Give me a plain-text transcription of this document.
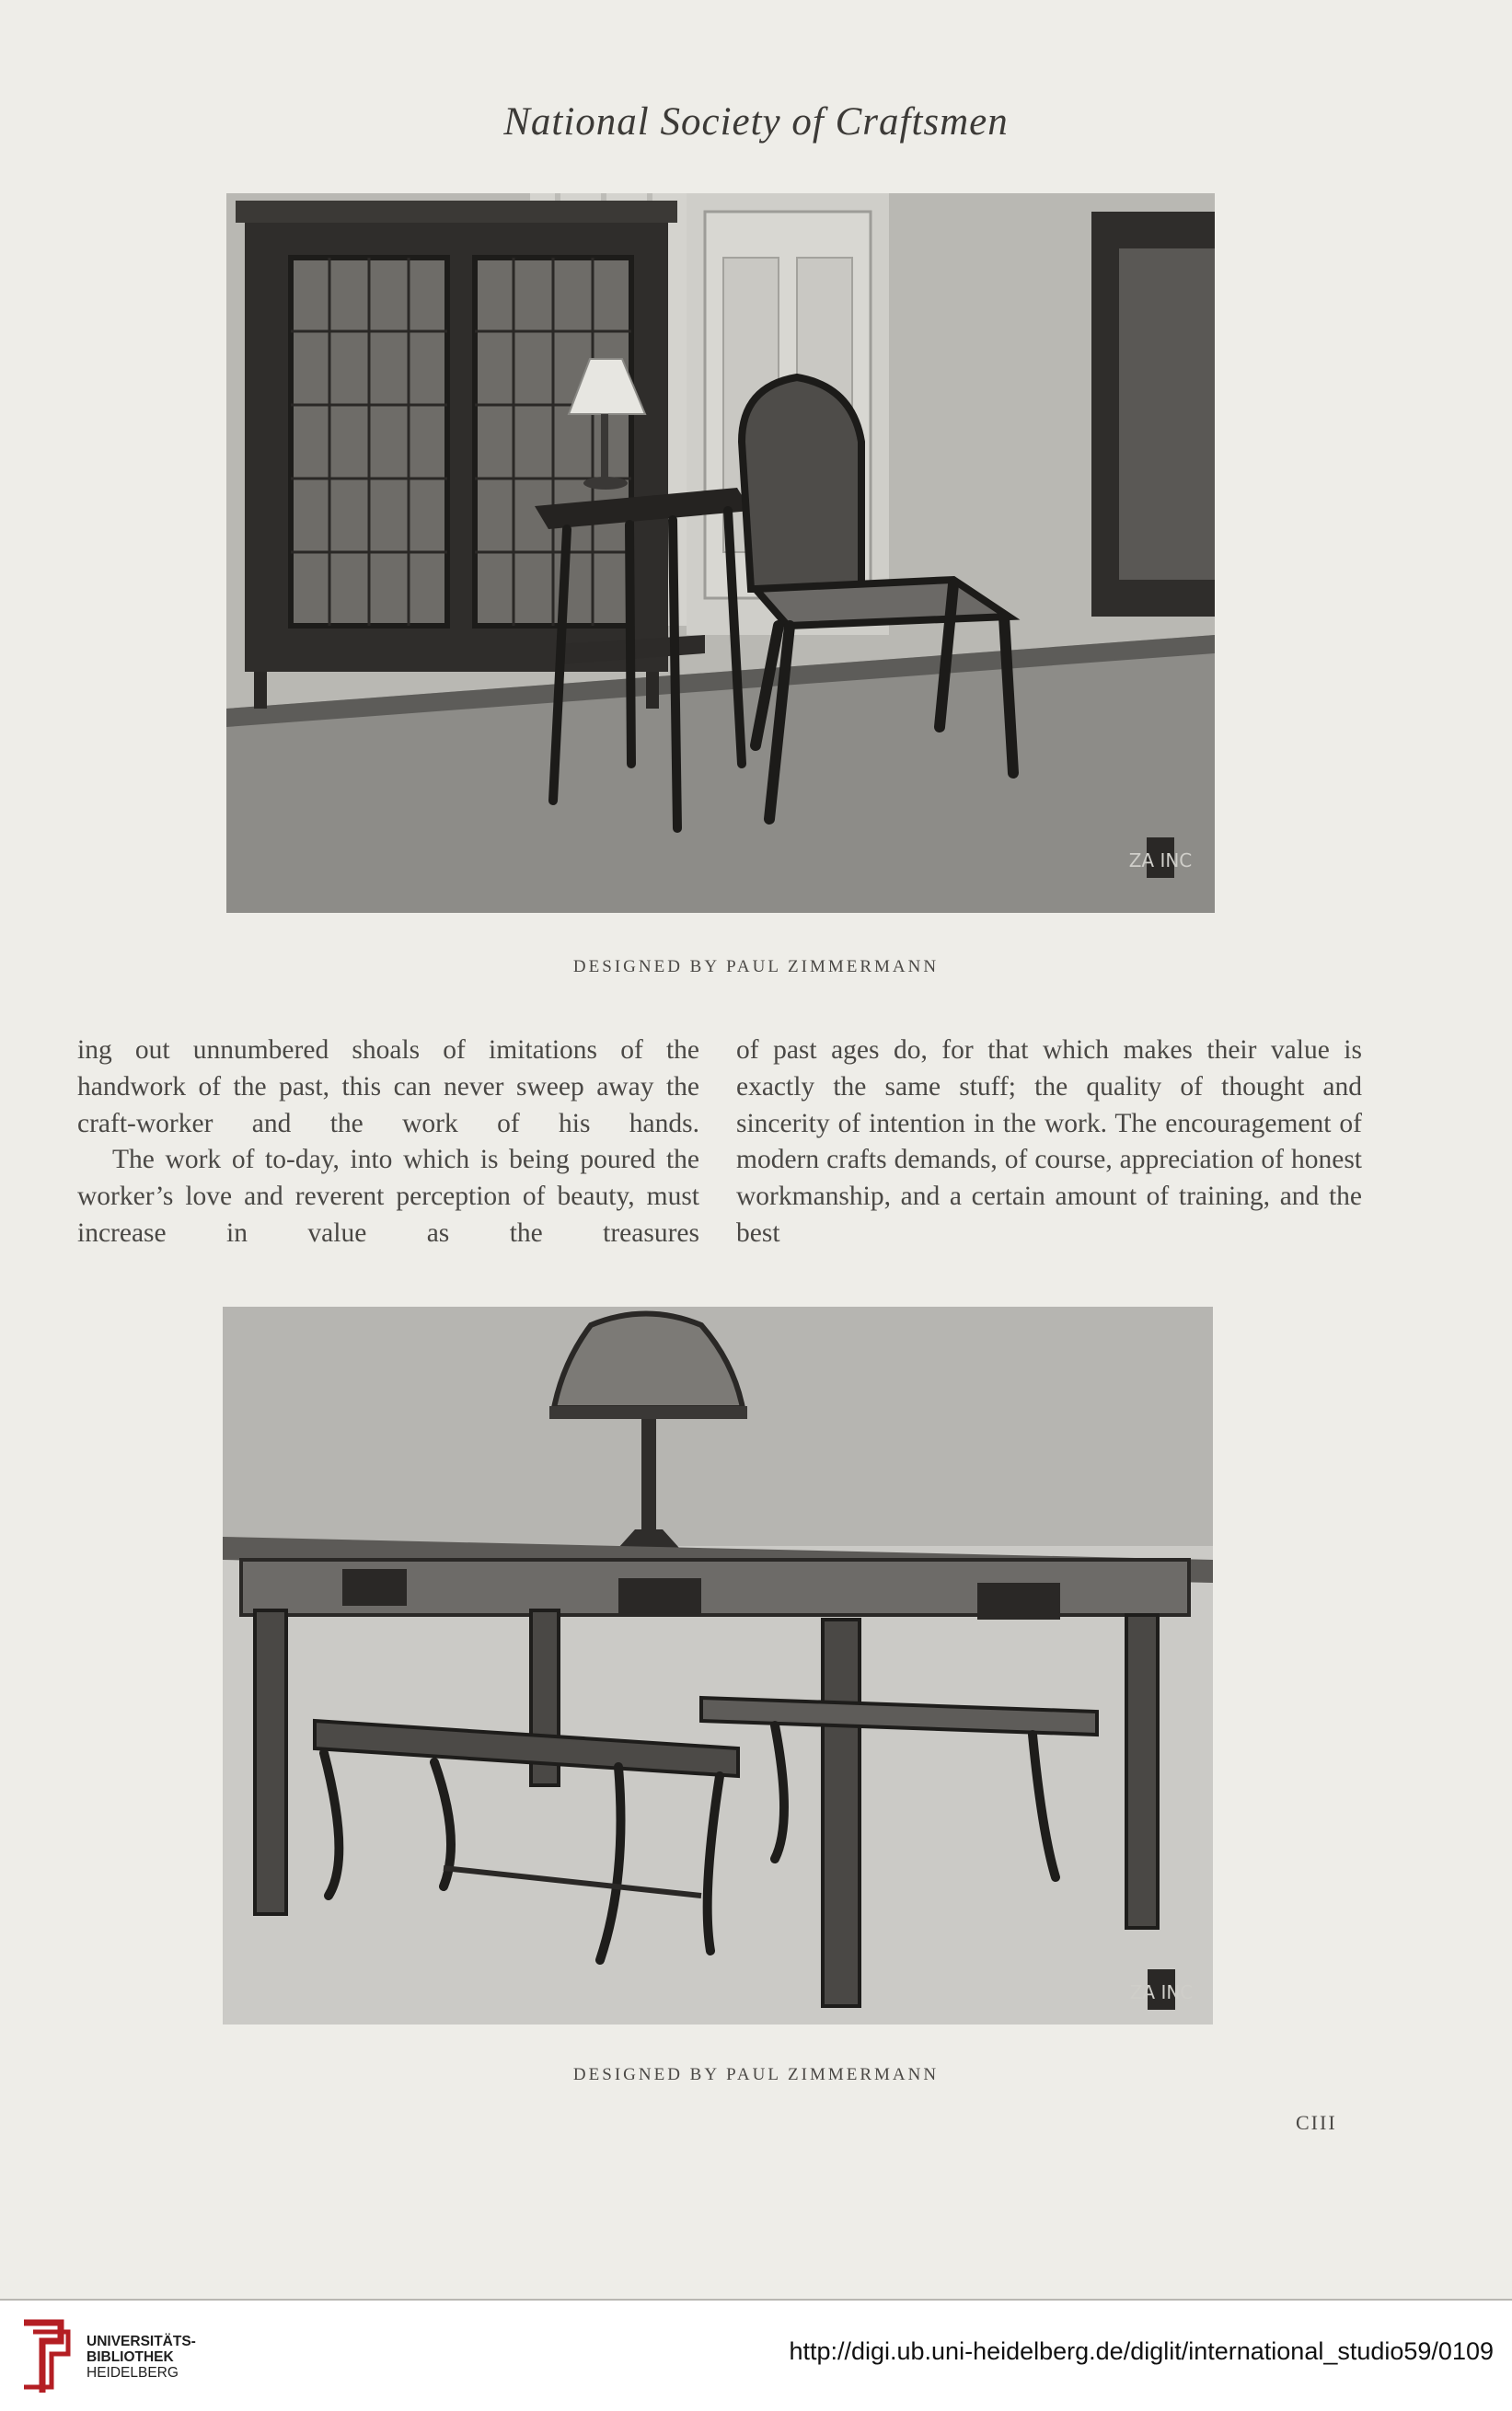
National Society of Craftsmen
ZA INC
DESIGNED BY PAUL ZIMMERMANN

ing out unnumbered shoals of imitations of the handwork of the past, this can never sweep away the craft-worker and the work of his hands.

The work of to-day, into which is being poured the worker’s love and reverent perception of beauty, must increase in value as the treasures

of past ages do, for that which makes their value is exactly the same stuff; the quality of thought and sincerity of intention in the work. The encouragement of modern crafts demands, of course, appreciation of honest workmanship, and a certain amount of training, and the best

ZA INC
DESIGNED BY PAUL ZIMMERMANN
CIII
UNIVERSITÄTS-
BIBLIOTHEK
HEIDELBERG
http://digi.ub.uni-heidelberg.de/diglit/international_studio59/0109
